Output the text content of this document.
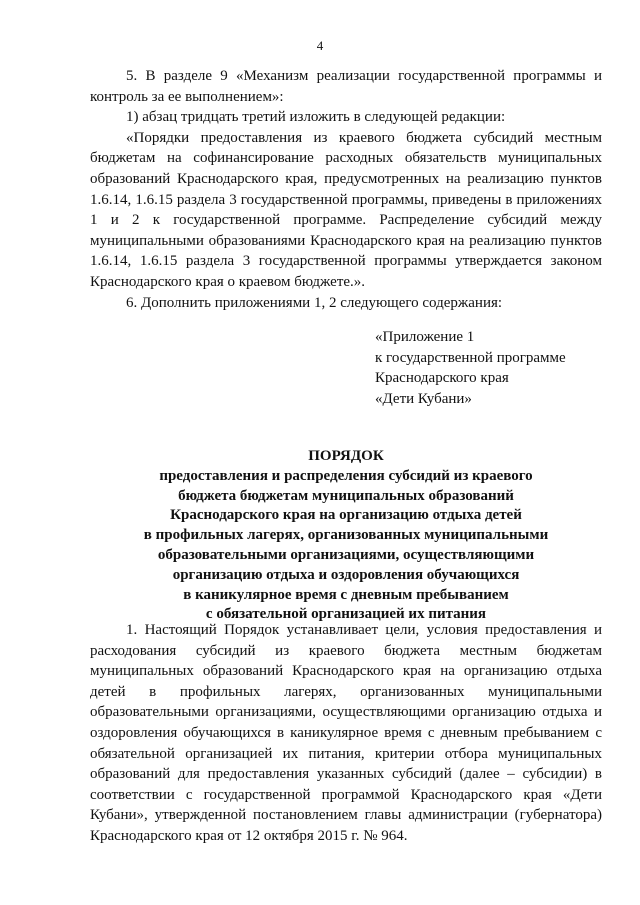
4

5. В разделе 9 «Механизм реализации государственной программы и контроль за ее выполнением»:

1) абзац тридцать третий изложить в следующей редакции:

«Порядки предоставления из краевого бюджета субсидий местным бюджетам на софинансирование расходных обязательств муниципальных образований Краснодарского края, предусмотренных на реализацию пунктов 1.6.14, 1.6.15 раздела 3 государственной программы, приведены в приложениях 1 и 2 к государственной программе. Распределение субсидий между муниципальными образованиями Краснодарского края на реализацию пунктов 1.6.14, 1.6.15 раздела 3 государственной программы утверждается законом Краснодарского края о краевом бюджете.».

6. Дополнить приложениями 1, 2 следующего содержания:

«Приложение 1
к государственной программе
Краснодарского края
«Дети Кубани»
ПОРЯДОК
предоставления и распределения субсидий из краевого
бюджета бюджетам муниципальных образований
Краснодарского края на организацию отдыха детей
в профильных лагерях, организованных муниципальными
образовательными организациями, осуществляющими
организацию отдыха и оздоровления обучающихся
в каникулярное время с дневным пребыванием
с обязательной организацией их питания

1. Настоящий Порядок устанавливает цели, условия предоставления и расходования субсидий из краевого бюджета местным бюджетам муниципальных образований Краснодарского края на организацию отдыха детей в профильных лагерях, организованных муниципальными образовательными организациями, осуществляющими организацию отдыха и оздоровления обучающихся в каникулярное время с дневным пребыванием с обязательной организацией их питания, критерии отбора муниципальных образований для предоставления указанных субсидий (далее – субсидии) в соответствии с государственной программой Краснодарского края «Дети Кубани», утвержденной постановлением главы администрации (губернатора) Краснодарского края от 12 октября 2015 г. № 964.
